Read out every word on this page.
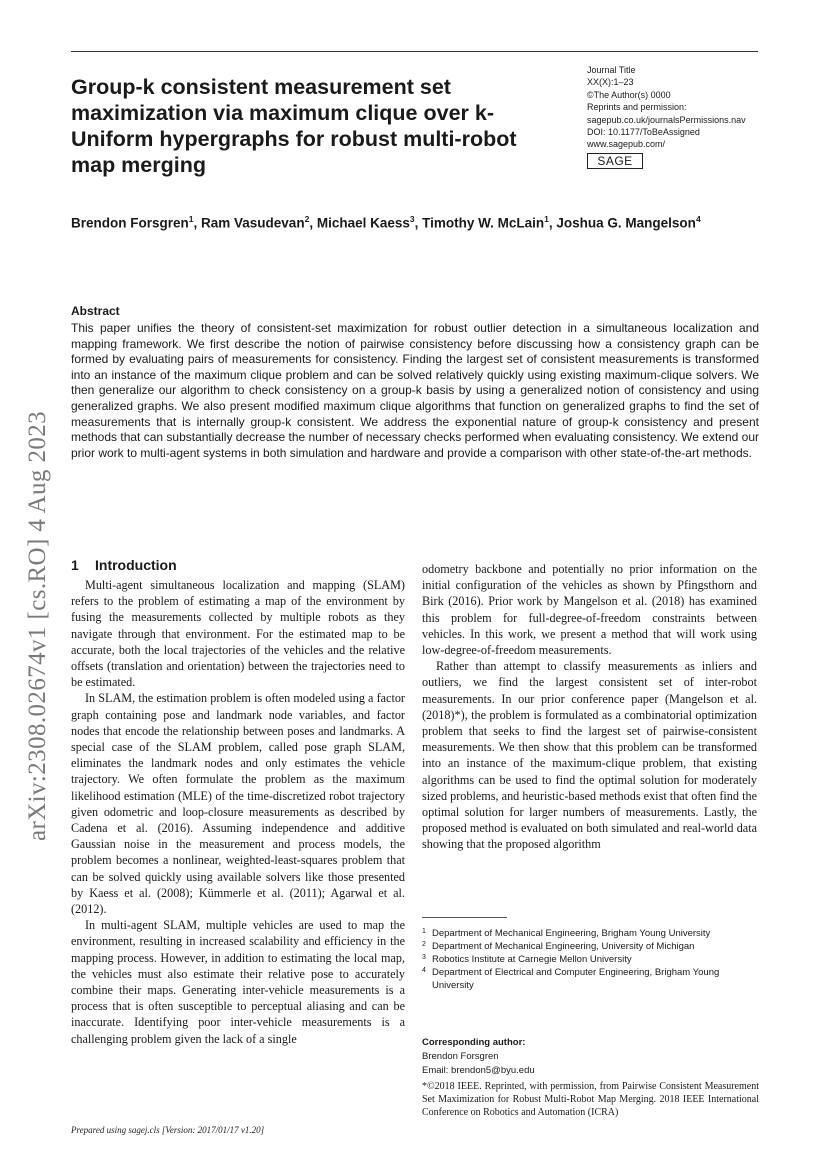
Group-k consistent measurement set maximization via maximum clique over k-Uniform hypergraphs for robust multi-robot map merging
Journal Title
XX(X):1–23
©The Author(s) 0000
Reprints and permission:
sagepub.co.uk/journalsPermissions.nav
DOI: 10.1177/ToBeAssigned
www.sagepub.com/
SAGE
Brendon Forsgren$^1$, Ram Vasudevan$^2$, Michael Kaess$^3$, Timothy W. McLain$^1$, Joshua G. Mangelson$^4$
Abstract
This paper unifies the theory of consistent-set maximization for robust outlier detection in a simultaneous localization and mapping framework. We first describe the notion of pairwise consistency before discussing how a consistency graph can be formed by evaluating pairs of measurements for consistency. Finding the largest set of consistent measurements is transformed into an instance of the maximum clique problem and can be solved relatively quickly using existing maximum-clique solvers. We then generalize our algorithm to check consistency on a group-k basis by using a generalized notion of consistency and using generalized graphs. We also present modified maximum clique algorithms that function on generalized graphs to find the set of measurements that is internally group-k consistent. We address the exponential nature of group-k consistency and present methods that can substantially decrease the number of necessary checks performed when evaluating consistency. We extend our prior work to multi-agent systems in both simulation and hardware and provide a comparison with other state-of-the-art methods.
arXiv:2308.02674v1 [cs.RO] 4 Aug 2023 1 Introduction

Multi-agent simultaneous localization and mapping (SLAM) refers to the problem of estimating a map of the environment by fusing the measurements collected by multiple robots as they navigate through that environment. For the estimated map to be accurate, both the local trajectories of the vehicles and the relative offsets (translation and orientation) between the trajectories need to be estimated.

In SLAM, the estimation problem is often modeled using a factor graph containing pose and landmark node variables, and factor nodes that encode the relationship between poses and landmarks. A special case of the SLAM problem, called pose graph SLAM, eliminates the landmark nodes and only estimates the vehicle trajectory. We often formulate the problem as the maximum likelihood estimation (MLE) of the time-discretized robot trajectory given odometric and loop-closure measurements as described by Cadena et al. (2016). Assuming independence and additive Gaussian noise in the measurement and process models, the problem becomes a nonlinear, weighted-least-squares problem that can be solved quickly using available solvers like those presented by Kaess et al. (2008); Kümmerle et al. (2011); Agarwal et al. (2012).

In multi-agent SLAM, multiple vehicles are used to map the environment, resulting in increased scalability and efficiency in the mapping process. However, in addition to estimating the local map, the vehicles must also estimate their relative pose to accurately combine their maps. Generating inter-vehicle measurements is a process that is often susceptible to perceptual aliasing and can be inaccurate. Identifying poor inter-vehicle measurements is a challenging problem given the lack of a single

odometry backbone and potentially no prior information on the initial configuration of the vehicles as shown by Pfingsthorn and Birk (2016). Prior work by Mangelson et al. (2018) has examined this problem for full-degree-of-freedom constraints between vehicles. In this work, we present a method that will work using low-degree-of-freedom measurements.

Rather than attempt to classify measurements as inliers and outliers, we find the largest consistent set of inter-robot measurements. In our prior conference paper (Mangelson et al. (2018)*), the problem is formulated as a combinatorial optimization problem that seeks to find the largest set of pairwise-consistent measurements. We then show that this problem can be transformed into an instance of the maximum-clique problem, that existing algorithms can be used to find the optimal solution for moderately sized problems, and heuristic-based methods exist that often find the optimal solution for larger numbers of measurements. Lastly, the proposed method is evaluated on both simulated and real-world data showing that the proposed algorithm

1 Department of Mechanical Engineering, Brigham Young University
2 Department of Mechanical Engineering, University of Michigan
3 Robotics Institute at Carnegie Mellon University
4 Department of Electrical and Computer Engineering, Brigham Young University
Corresponding author:
Brendon Forsgren
Email: brendon5@byu.edu
*©2018 IEEE. Reprinted, with permission, from Pairwise Consistent Measurement Set Maximization for Robust Multi-Robot Map Merging. 2018 IEEE International Conference on Robotics and Automation (ICRA)
Prepared using sagej.cls [Version: 2017/01/17 v1.20]
